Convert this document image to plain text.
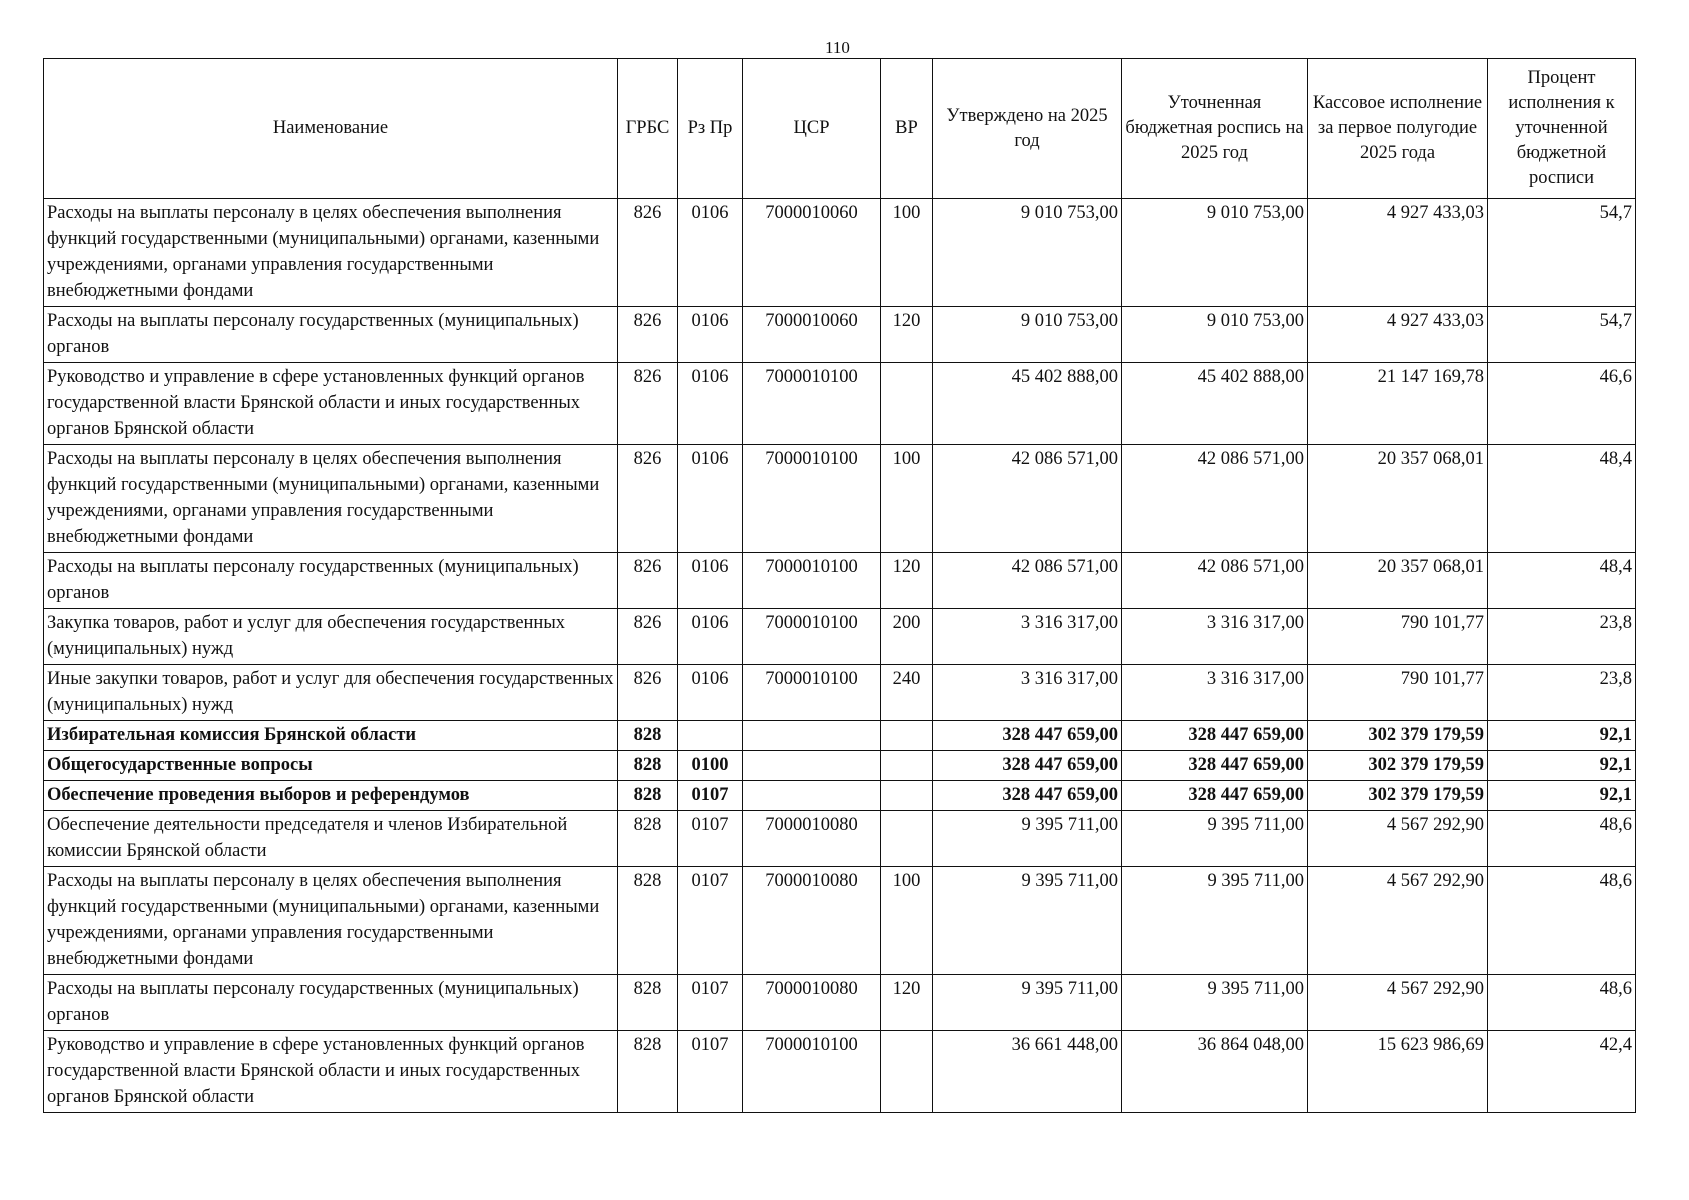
110
Наименование	ГРБС	Рз Пр	ЦСР	ВР	Утверждено на 2025 год	Уточненная бюджетная роспись на 2025 год	Кассовое исполнение за первое полугодие 2025 года	Процент исполнения к уточненной бюджетной росписи
Расходы на выплаты персоналу в целях обеспечения выполнения функций государственными (муниципальными) органами, казенными учреждениями, органами управления государственными внебюджетными фондами	826	0106	7000010060	100	9 010 753,00	9 010 753,00	4 927 433,03	54,7
Расходы на выплаты персоналу государственных (муниципальных) органов	826	0106	7000010060	120	9 010 753,00	9 010 753,00	4 927 433,03	54,7
Руководство и управление в сфере установленных функций органов государственной власти Брянской области и иных государственных органов Брянской области	826	0106	7000010100		45 402 888,00	45 402 888,00	21 147 169,78	46,6
Расходы на выплаты персоналу в целях обеспечения выполнения функций государственными (муниципальными) органами, казенными учреждениями, органами управления государственными внебюджетными фондами	826	0106	7000010100	100	42 086 571,00	42 086 571,00	20 357 068,01	48,4
Расходы на выплаты персоналу государственных (муниципальных) органов	826	0106	7000010100	120	42 086 571,00	42 086 571,00	20 357 068,01	48,4
Закупка товаров, работ и услуг для обеспечения государственных (муниципальных) нужд	826	0106	7000010100	200	3 316 317,00	3 316 317,00	790 101,77	23,8
Иные закупки товаров, работ и услуг для обеспечения государственных (муниципальных) нужд	826	0106	7000010100	240	3 316 317,00	3 316 317,00	790 101,77	23,8
Избирательная комиссия Брянской области	828				328 447 659,00	328 447 659,00	302 379 179,59	92,1
Общегосударственные вопросы	828	0100			328 447 659,00	328 447 659,00	302 379 179,59	92,1
Обеспечение проведения выборов и референдумов	828	0107			328 447 659,00	328 447 659,00	302 379 179,59	92,1
Обеспечение деятельности председателя и членов Избирательной комиссии Брянской области	828	0107	7000010080		9 395 711,00	9 395 711,00	4 567 292,90	48,6
Расходы на выплаты персоналу в целях обеспечения выполнения функций государственными (муниципальными) органами, казенными учреждениями, органами управления государственными внебюджетными фондами	828	0107	7000010080	100	9 395 711,00	9 395 711,00	4 567 292,90	48,6
Расходы на выплаты персоналу государственных (муниципальных) органов	828	0107	7000010080	120	9 395 711,00	9 395 711,00	4 567 292,90	48,6
Руководство и управление в сфере установленных функций органов государственной власти Брянской области и иных государственных органов Брянской области	828	0107	7000010100		36 661 448,00	36 864 048,00	15 623 986,69	42,4
